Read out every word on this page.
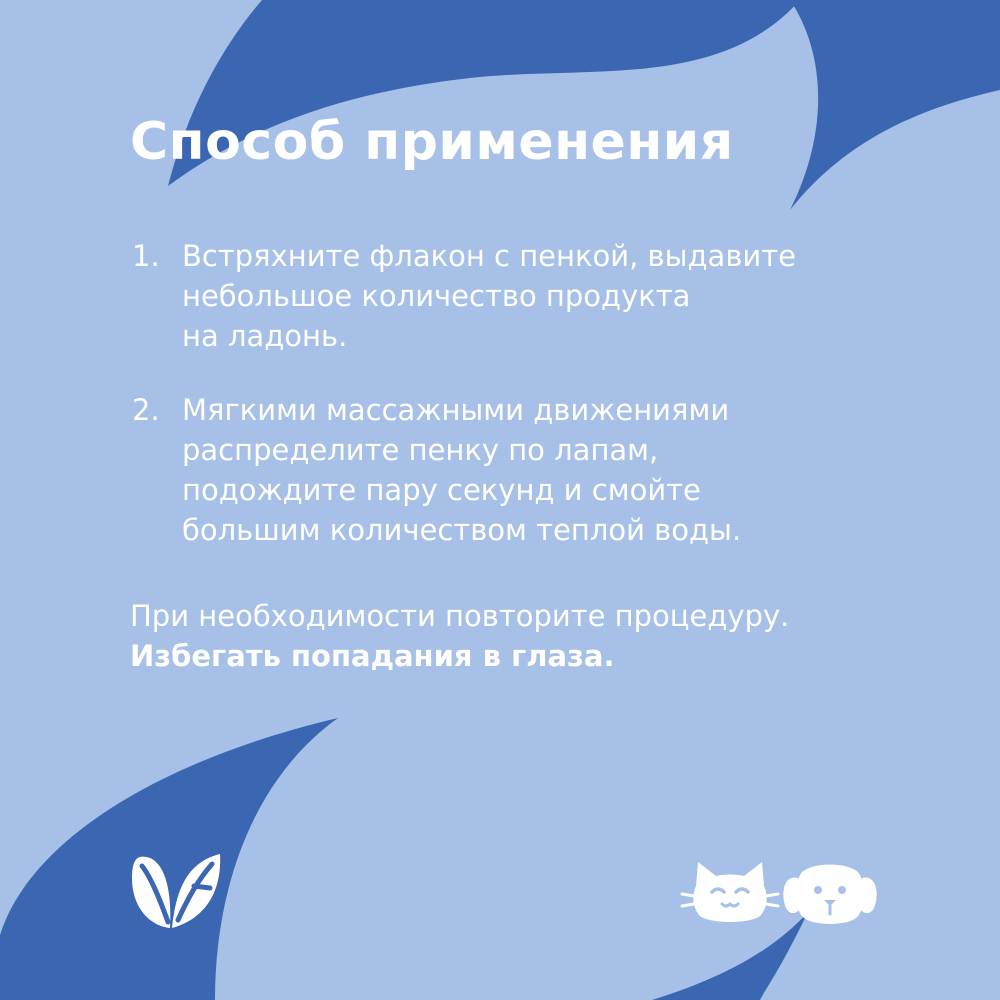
Способ применения
1. Встряхните флакон с пенкой, выдавите
небольшое количество продукта
на ладонь.
2. Мягкими массажными движениями
распределите пенку по лапам,
подождите пару секунд и смойте
большим количеством теплой воды.
При необходимости повторите процедуру.
Избегать попадания в глаза.
